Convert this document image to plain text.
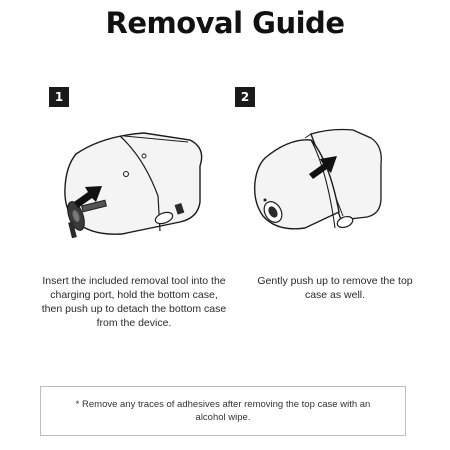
Removal Guide
1
Insert the included removal tool into the charging port, hold the bottom case, then push up to detach the bottom case from the device.
2
Gently push up to remove the top case as well.
* Remove any traces of adhesives after removing the top case with an alcohol wipe.
